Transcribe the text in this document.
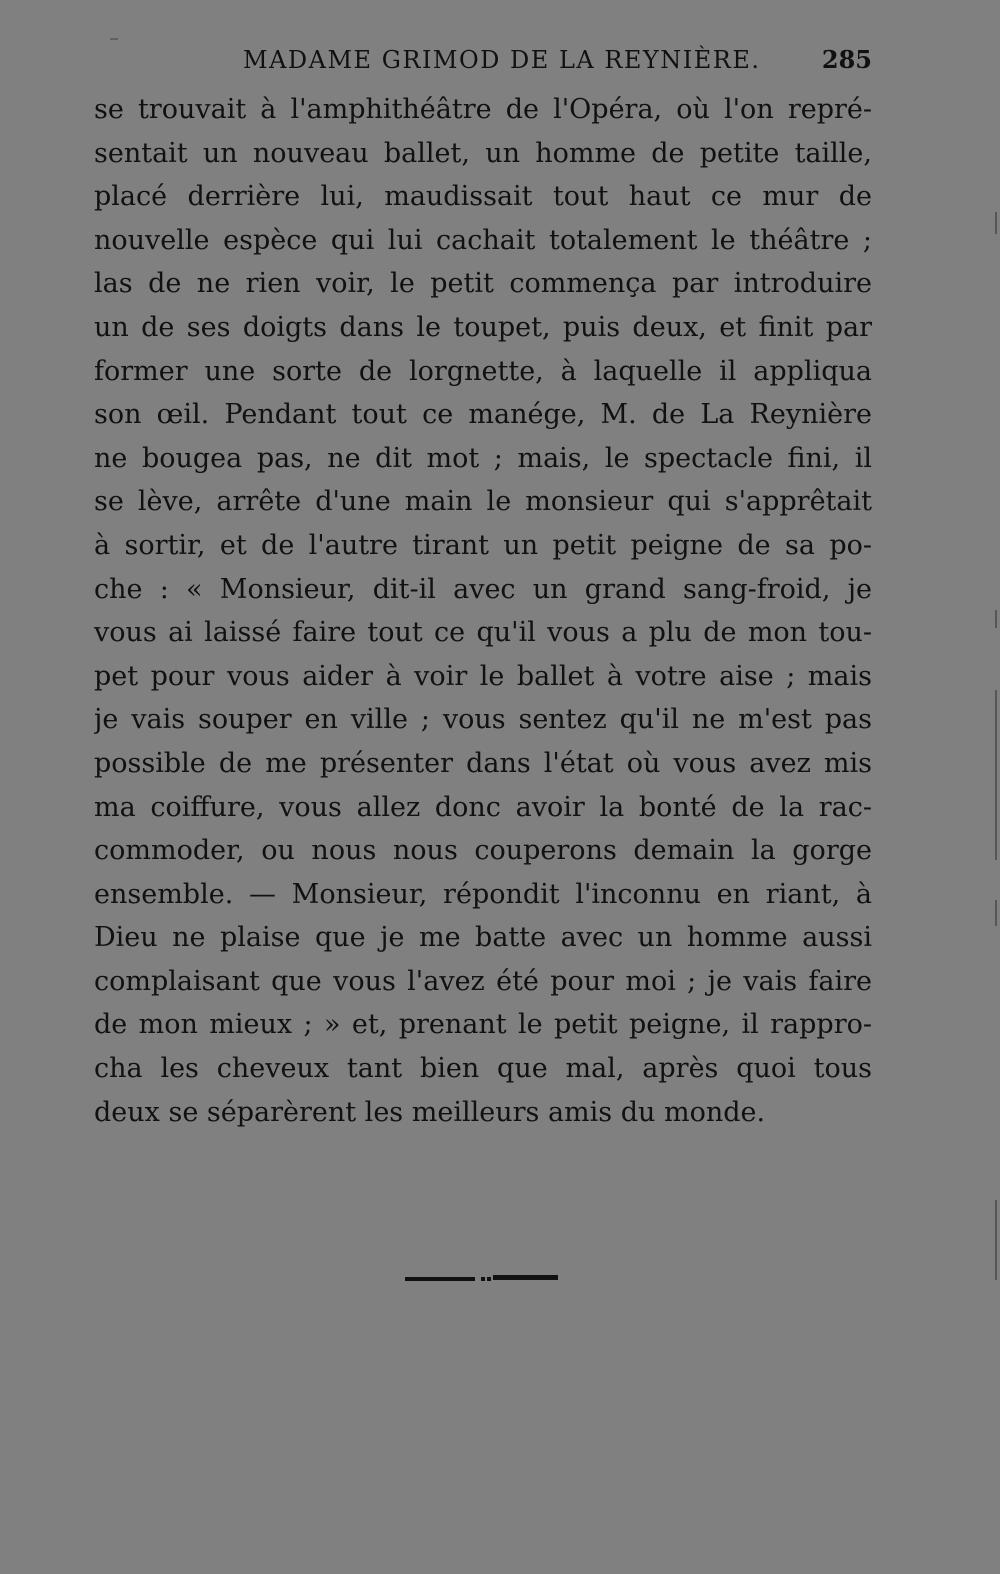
MADAME GRIMOD DE LA REYNIÈRE.	285
se trouvait à l'amphithéâtre de l'Opéra, où l'on repré-
sentait un nouveau ballet, un homme de petite taille,
placé derrière lui, maudissait tout haut ce mur de
nouvelle espèce qui lui cachait totalement le théâtre ;
las de ne rien voir, le petit commença par introduire
un de ses doigts dans le toupet, puis deux, et finit par
former une sorte de lorgnette, à laquelle il appliqua
son œil. Pendant tout ce manége, M. de La Reynière
ne bougea pas, ne dit mot ; mais, le spectacle fini, il
se lève, arrête d'une main le monsieur qui s'apprêtait
à sortir, et de l'autre tirant un petit peigne de sa po-
che : « Monsieur, dit-il avec un grand sang-froid, je
vous ai laissé faire tout ce qu'il vous a plu de mon tou-
pet pour vous aider à voir le ballet à votre aise ; mais
je vais souper en ville ; vous sentez qu'il ne m'est pas
possible de me présenter dans l'état où vous avez mis
ma coiffure, vous allez donc avoir la bonté de la rac-
commoder, ou nous nous couperons demain la gorge
ensemble. — Monsieur, répondit l'inconnu en riant, à
Dieu ne plaise que je me batte avec un homme aussi
complaisant que vous l'avez été pour moi ; je vais faire
de mon mieux ; » et, prenant le petit peigne, il rappro-
cha les cheveux tant bien que mal, après quoi tous
deux se séparèrent les meilleurs amis du monde.
